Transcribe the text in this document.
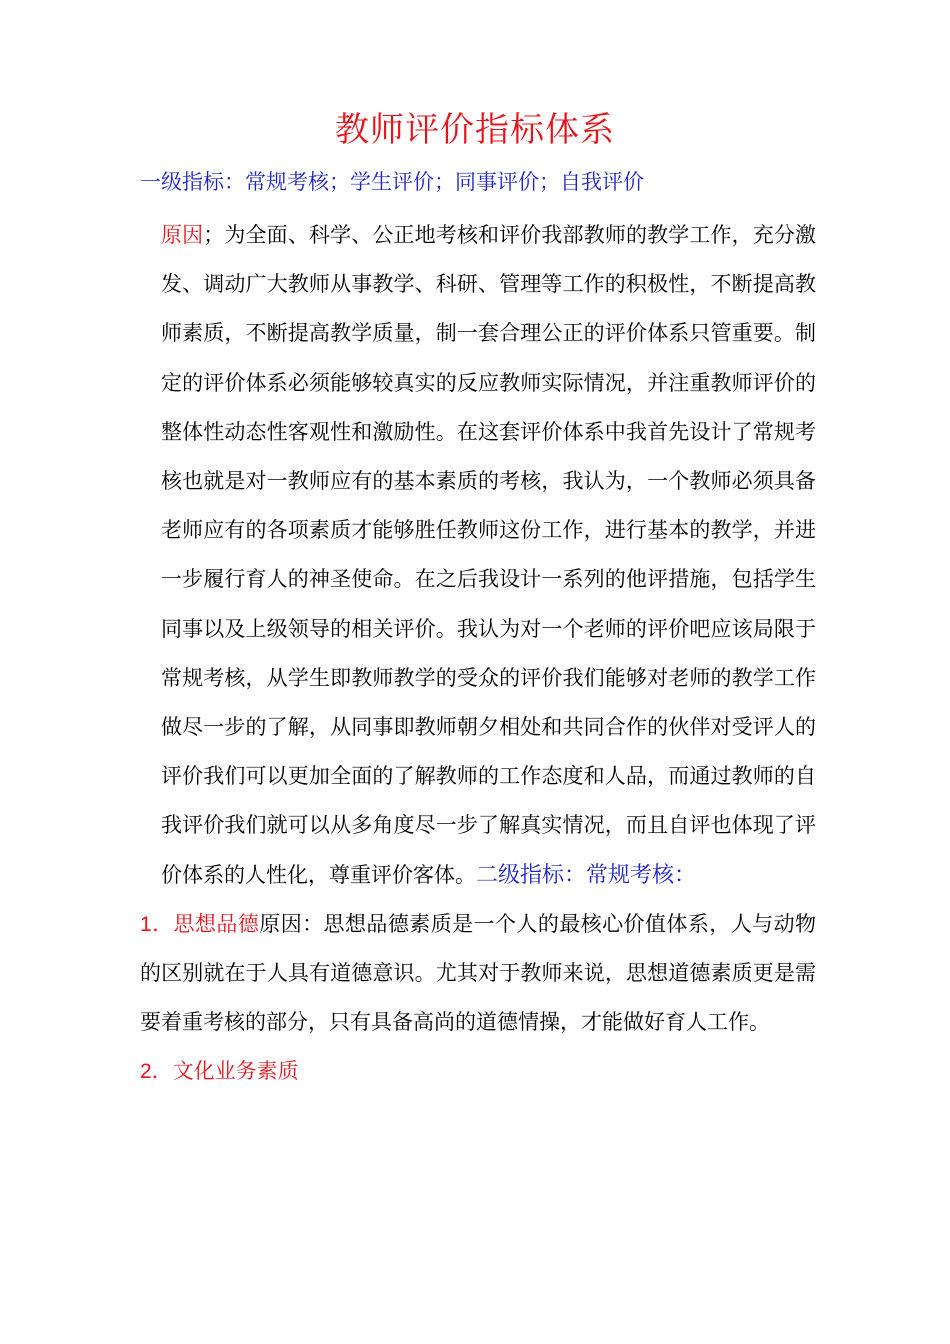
教师评价指标体系
一级指标：常规考核；学生评价；同事评价；自我评价

原因；为全面、科学、公正地考核和评价我部教师的教学工作，充分激发、调动广大教师从事教学、科研、管理等工作的积极性，不断提高教师素质，不断提高教学质量，制一套合理公正的评价体系只管重要。制定的评价体系必须能够较真实的反应教师实际情况，并注重教师评价的整体性动态性客观性和激励性。在这套评价体系中我首先设计了常规考核也就是对一教师应有的基本素质的考核，我认为，一个教师必须具备老师应有的各项素质才能够胜任教师这份工作，进行基本的教学，并进一步履行育人的神圣使命。在之后我设计一系列的他评措施，包括学生同事以及上级领导的相关评价。我认为对一个老师的评价吧应该局限于常规考核，从学生即教师教学的受众的评价我们能够对老师的教学工作做尽一步的了解，从同事即教师朝夕相处和共同合作的伙伴对受评人的评价我们可以更加全面的了解教师的工作态度和人品，而通过教师的自我评价我们就可以从多角度尽一步了解真实情况，而且自评也体现了评价体系的人性化，尊重评价客体。二级指标：常规考核：

1．思想品德原因：思想品德素质是一个人的最核心价值体系，人与动物的区别就在于人具有道德意识。尤其对于教师来说，思想道德素质更是需要着重考核的部分，只有具备高尚的道德情操，才能做好育人工作。

2．文化业务素质
